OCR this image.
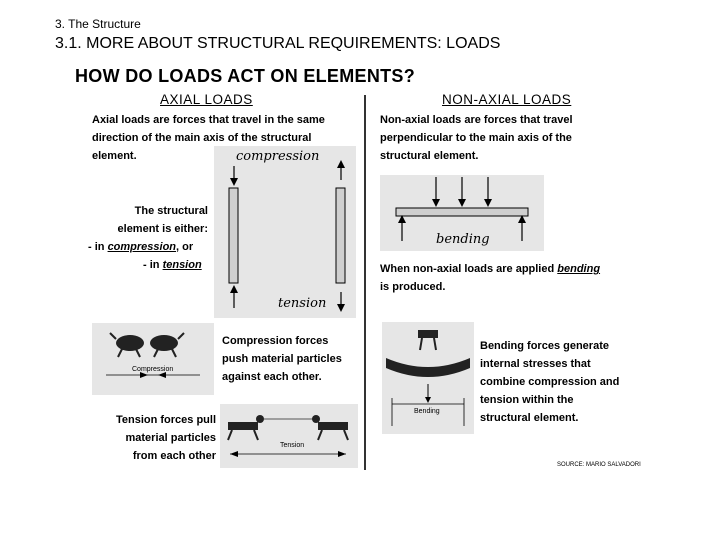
3. The Structure
3.1. MORE ABOUT STRUCTURAL REQUIREMENTS: LOADS
HOW DO LOADS ACT ON ELEMENTS?
AXIAL LOADS	NON-AXIAL LOADS
Axial loads are forces that travel in the same
direction of the main axis of the structural
element.	compression
tension
The structural
element is either:
- in compression, or
- in tension
Compression
Compression forces
push material particles
against each other.
Tension forces pull
material particles
from each other
Tension
Non-axial loads are forces that travel
perpendicular to the main axis of the
structural element.
bending
When non-axial loads are applied bending
is produced.
Bending
Bending forces generate
internal stresses that
combine compression and
tension within the
structural element.
SOURCE: MARIO SALVADORI
